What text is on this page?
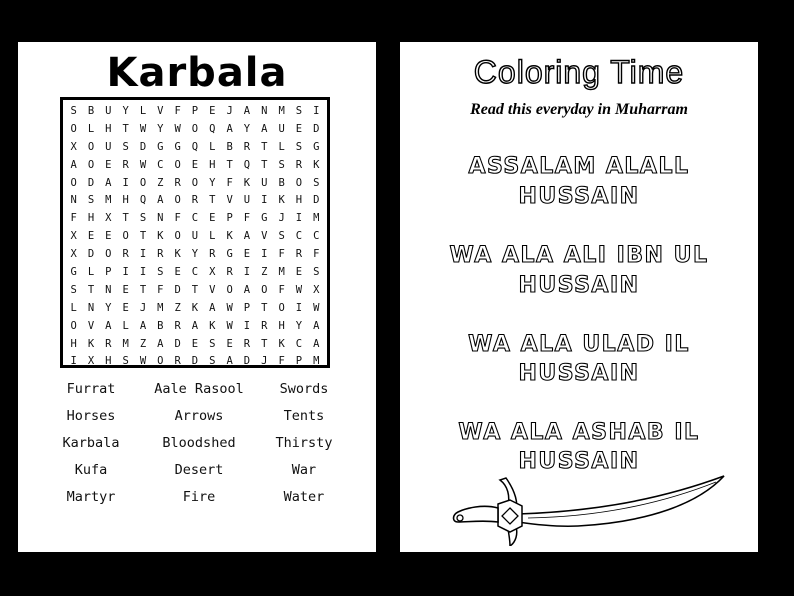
Karbala
S	B	U	Y	L	V	F	P	E	J	A	N	M	S	I
O	L	H	T	W	Y	W	O	Q	A	Y	A	U	E	D
X	O	U	S	D	G	G	Q	L	B	R	T	L	S	G
A	O	E	R	W	C	O	E	H	T	Q	T	S	R	K
O	D	A	I	O	Z	R	O	Y	F	K	U	B	O	S
N	S	M	H	Q	A	O	R	T	V	U	I	K	H	D
F	H	X	T	S	N	F	C	E	P	F	G	J	I	M
X	E	E	O	T	K	O	U	L	K	A	V	S	C	C
X	D	O	R	I	R	K	Y	R	G	E	I	F	R	F
G	L	P	I	I	S	E	C	X	R	I	Z	M	E	S
S	T	N	E	T	F	D	T	V	O	A	O	F	W	X
L	N	Y	E	J	M	Z	K	A	W	P	T	O	I	W
O	V	A	L	A	B	R	A	K	W	I	R	H	Y	A
H	K	R	M	Z	A	D	E	S	E	R	T	K	C	A
I	X	H	S	W	O	R	D	S	A	D	J	F	P	M
Furrat	Aale Rasool	Swords
Horses	Arrows	Tents
Karbala	Bloodshed	Thirsty
Kufa	Desert	War
Martyr	Fire	Water
Coloring Time
Read this everyday in Muharram
ASSALAM ALALL
HUSSAIN
WA ALA ALI IBN UL
HUSSAIN
WA ALA ULAD IL
HUSSAIN
WA ALA ASHAB IL
HUSSAIN
